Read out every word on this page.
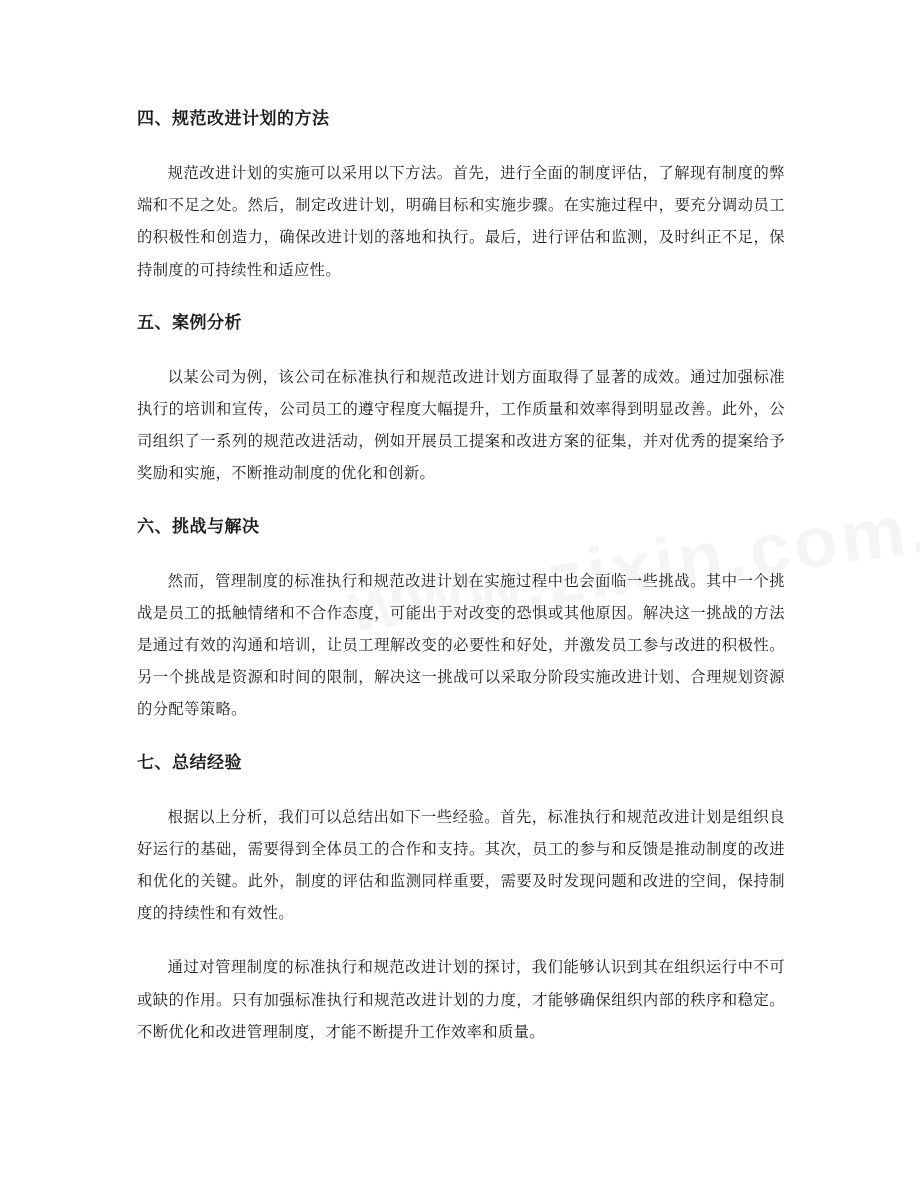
四、规范改进计划的方法

规范改进计划的实施可以采用以下方法。首先，进行全面的制度评估，了解现有制度的弊端和不足之处。然后，制定改进计划，明确目标和实施步骤。在实施过程中，要充分调动员工的积极性和创造力，确保改进计划的落地和执行。最后，进行评估和监测，及时纠正不足，保持制度的可持续性和适应性。

五、案例分析

以某公司为例，该公司在标准执行和规范改进计划方面取得了显著的成效。通过加强标准执行的培训和宣传，公司员工的遵守程度大幅提升，工作质量和效率得到明显改善。此外，公司组织了一系列的规范改进活动，例如开展员工提案和改进方案的征集，并对优秀的提案给予奖励和实施，不断推动制度的优化和创新。

六、挑战与解决

然而，管理制度的标准执行和规范改进计划在实施过程中也会面临一些挑战。其中一个挑战是员工的抵触情绪和不合作态度，可能出于对改变的恐惧或其他原因。解决这一挑战的方法是通过有效的沟通和培训，让员工理解改变的必要性和好处，并激发员工参与改进的积极性。另一个挑战是资源和时间的限制，解决这一挑战可以采取分阶段实施改进计划、合理规划资源的分配等策略。

七、总结经验

根据以上分析，我们可以总结出如下一些经验。首先，标准执行和规范改进计划是组织良好运行的基础，需要得到全体员工的合作和支持。其次，员工的参与和反馈是推动制度的改进和优化的关键。此外，制度的评估和监测同样重要，需要及时发现问题和改进的空间，保持制度的持续性和有效性。

通过对管理制度的标准执行和规范改进计划的探讨，我们能够认识到其在组织运行中不可或缺的作用。只有加强标准执行和规范改进计划的力度，才能够确保组织内部的秩序和稳定。不断优化和改进管理制度，才能不断提升工作效率和质量。
